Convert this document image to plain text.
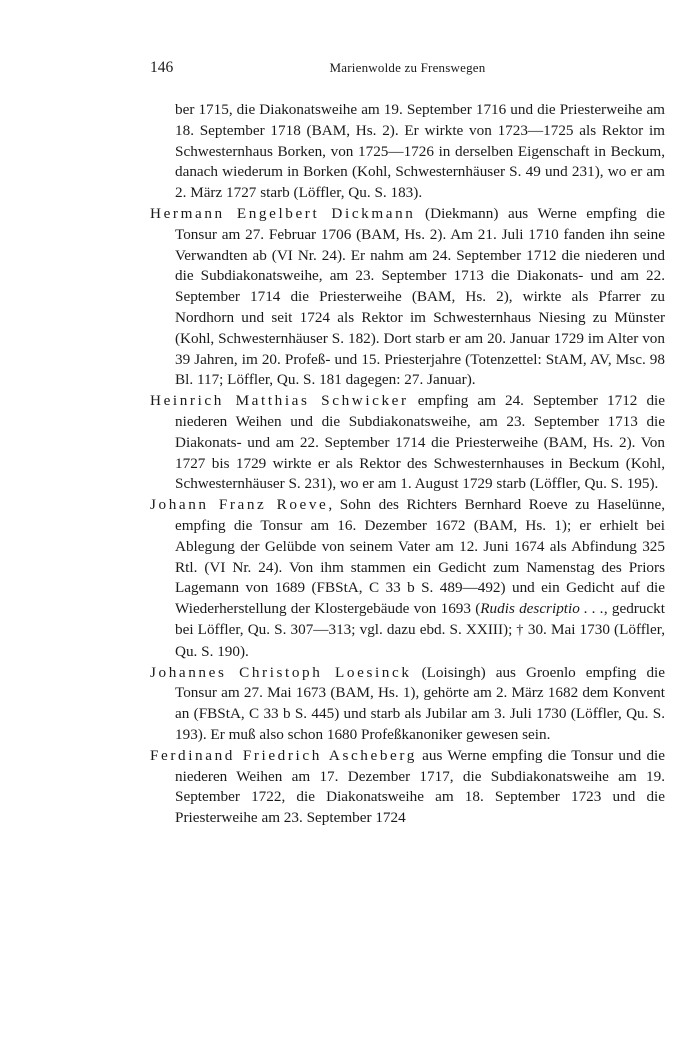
146	Marienwolde zu Frenswegen

ber 1715, die Diakonatsweihe am 19. September 1716 und die Priesterweihe am 18. September 1718 (BAM, Hs. 2). Er wirkte von 1723—1725 als Rektor im Schwesternhaus Borken, von 1725—1726 in derselben Eigenschaft in Beckum, danach wiederum in Borken (Kohl, Schwesternhäuser S. 49 und 231), wo er am 2. März 1727 starb (Löffler, Qu. S. 183).

Hermann Engelbert Dickmann (Diekmann) aus Werne empfing die Tonsur am 27. Februar 1706 (BAM, Hs. 2). Am 21. Juli 1710 fanden ihn seine Verwandten ab (VI Nr. 24). Er nahm am 24. September 1712 die niederen und die Subdiakonatsweihe, am 23. September 1713 die Diakonats- und am 22. September 1714 die Priesterweihe (BAM, Hs. 2), wirkte als Pfarrer zu Nordhorn und seit 1724 als Rektor im Schwesternhaus Niesing zu Münster (Kohl, Schwesternhäuser S. 182). Dort starb er am 20. Januar 1729 im Alter von 39 Jahren, im 20. Profeß- und 15. Priesterjahre (Totenzettel: StAM, AV, Msc. 98 Bl. 117; Löffler, Qu. S. 181 dagegen: 27. Januar).

Heinrich Matthias Schwicker empfing am 24. September 1712 die niederen Weihen und die Subdiakonatsweihe, am 23. September 1713 die Diakonats- und am 22. September 1714 die Priesterweihe (BAM, Hs. 2). Von 1727 bis 1729 wirkte er als Rektor des Schwesternhauses in Beckum (Kohl, Schwesternhäuser S. 231), wo er am 1. August 1729 starb (Löffler, Qu. S. 195).

Johann Franz Roeve, Sohn des Richters Bernhard Roeve zu Haselünne, empfing die Tonsur am 16. Dezember 1672 (BAM, Hs. 1); er erhielt bei Ablegung der Gelübde von seinem Vater am 12. Juni 1674 als Abfindung 325 Rtl. (VI Nr. 24). Von ihm stammen ein Gedicht zum Namenstag des Priors Lagemann von 1689 (FBStA, C 33 b S. 489—492) und ein Gedicht auf die Wiederherstellung der Klostergebäude von 1693 (Rudis descriptio . . ., gedruckt bei Löffler, Qu. S. 307—313; vgl. dazu ebd. S. XXIII); † 30. Mai 1730 (Löffler, Qu. S. 190).

Johannes Christoph Loesinck (Loisingh) aus Groenlo empfing die Tonsur am 27. Mai 1673 (BAM, Hs. 1), gehörte am 2. März 1682 dem Konvent an (FBStA, C 33 b S. 445) und starb als Jubilar am 3. Juli 1730 (Löffler, Qu. S. 193). Er muß also schon 1680 Profeßkanoniker gewesen sein.

Ferdinand Friedrich Ascheberg aus Werne empfing die Tonsur und die niederen Weihen am 17. Dezember 1717, die Subdiakonatsweihe am 19. September 1722, die Diakonatsweihe am 18. September 1723 und die Priesterweihe am 23. September 1724
